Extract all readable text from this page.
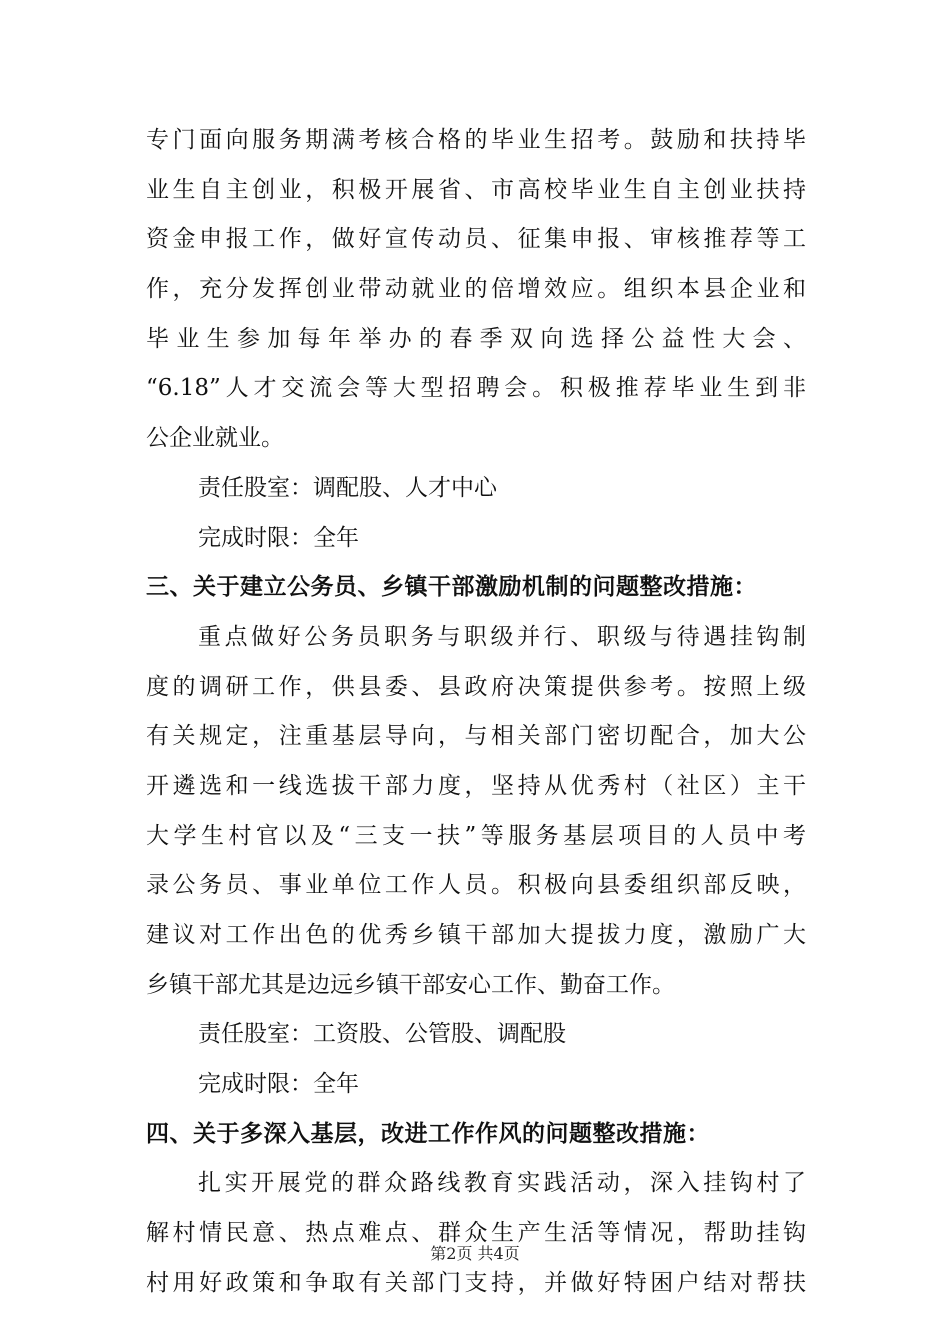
专门面向服务期满考核合格的毕业生招考。鼓励和扶持毕
业生自主创业，积极开展省、市高校毕业生自主创业扶持
资金申报工作，做好宣传动员、征集申报、审核推荐等工
作，充分发挥创业带动就业的倍增效应。组织本县企业和
毕业生参加每年举办的春季双向选择公益性大会、
“6.18”人才交流会等大型招聘会。积极推荐毕业生到非
公企业就业。
责任股室：调配股、人才中心
完成时限：全年
三、关于建立公务员、乡镇干部激励机制的问题整改措施：
重点做好公务员职务与职级并行、职级与待遇挂钩制
度的调研工作，供县委、县政府决策提供参考。按照上级
有关规定，注重基层导向，与相关部门密切配合，加大公
开遴选和一线选拔干部力度，坚持从优秀村（社区）主干
大学生村官以及“三支一扶”等服务基层项目的人员中考
录公务员、事业单位工作人员。积极向县委组织部反映，
建议对工作出色的优秀乡镇干部加大提拔力度，激励广大
乡镇干部尤其是边远乡镇干部安心工作、勤奋工作。
责任股室：工资股、公管股、调配股
完成时限：全年
四、关于多深入基层，改进工作作风的问题整改措施：
扎实开展党的群众路线教育实践活动，深入挂钩村了
解村情民意、热点难点、群众生产生活等情况，帮助挂钩
村用好政策和争取有关部门支持，并做好特困户结对帮扶
第2页 共4页
